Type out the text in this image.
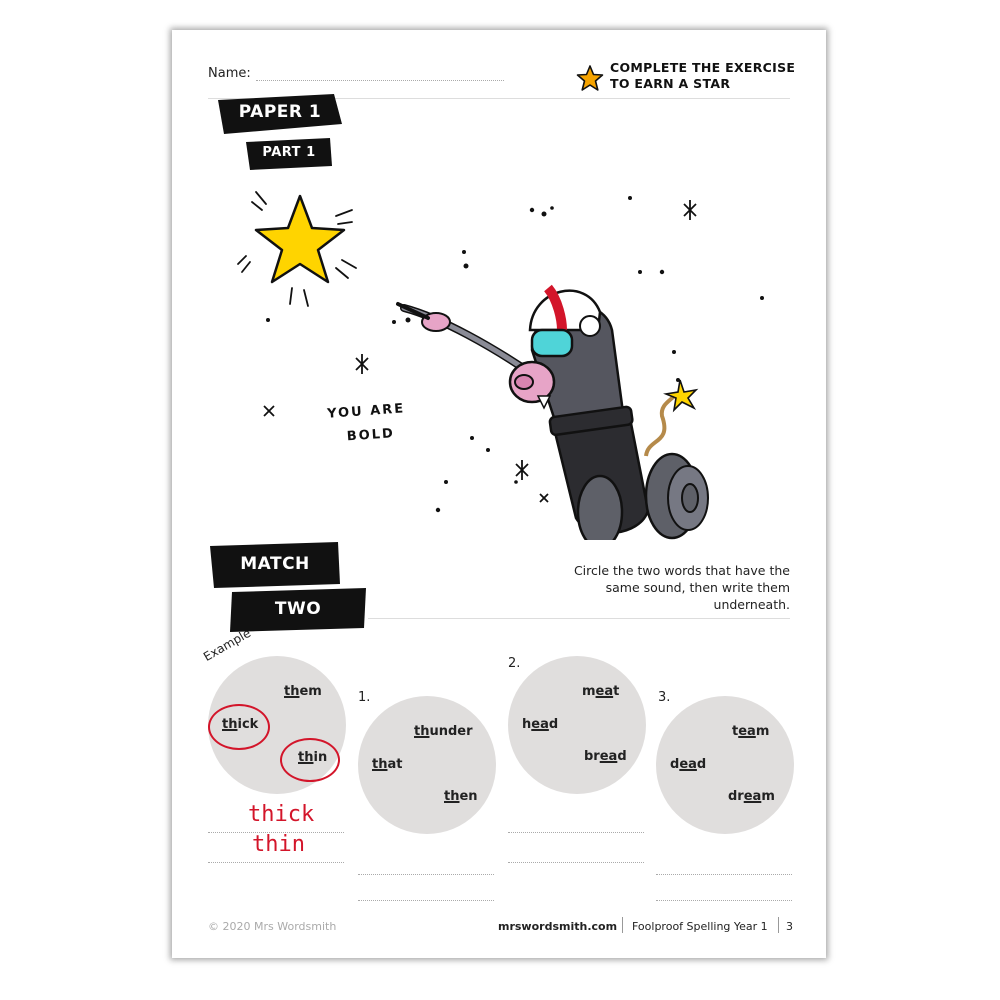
Name:	COMPLETE THE EXERCISE
TO EARN A STAR
PAPER 1
PART 1
YOU ARE
BOLD
MATCH
TWO
Circle the two words that have the same sound, then write them underneath.
Example
them
thick
thin
thick
thin
1.
thunder
that
then
2.
meat
head
bread
3.
team
dead
dream
© 2020 Mrs Wordsmith	mrswordsmith.com Foolproof Spelling Year 1 3
